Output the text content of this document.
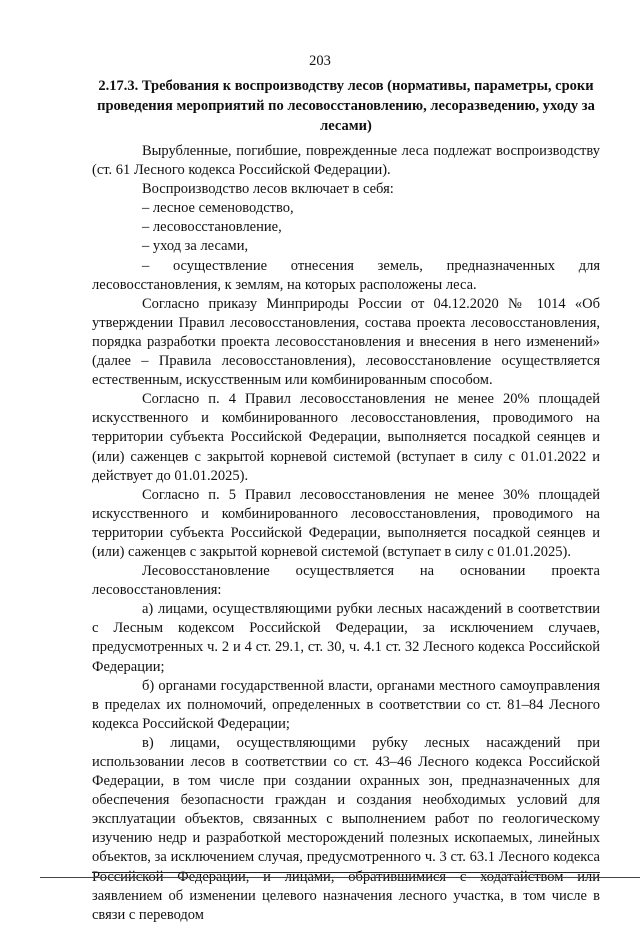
203
2.17.3. Требования к воспроизводству лесов (нормативы, параметры, сроки проведения мероприятий по лесовосстановлению, лесоразведению, уходу за лесами)

Вырубленные, погибшие, поврежденные леса подлежат воспроизводству (ст. 61 Лесного кодекса Российской Федерации).

Воспроизводство лесов включает в себя:

– лесное семеноводство,

– лесовосстановление,

– уход за лесами,

– осуществление отнесения земель, предназначенных для лесовосстановления, к землям, на которых расположены леса.

Согласно приказу Минприроды России от 04.12.2020 № 1014 «Об утверждении Правил лесовосстановления, состава проекта лесовосстановления, порядка разработки проекта лесовосстановления и внесения в него изменений» (далее – Правила лесовосстановления), лесовосстановление осуществляется естественным, искусственным или комбинированным способом.

Согласно п. 4 Правил лесовосстановления не менее 20% площадей искусственного и комбинированного лесовосстановления, проводимого на территории субъекта Российской Федерации, выполняется посадкой сеянцев и (или) саженцев с закрытой корневой системой (вступает в силу с 01.01.2022 и действует до 01.01.2025).

Согласно п. 5 Правил лесовосстановления не менее 30% площадей искусственного и комбинированного лесовосстановления, проводимого на территории субъекта Российской Федерации, выполняется посадкой сеянцев и (или) саженцев с закрытой корневой системой (вступает в силу с 01.01.2025).

Лесовосстановление осуществляется на основании проекта лесовосстановления:

а) лицами, осуществляющими рубки лесных насаждений в соответствии с Лесным кодексом Российской Федерации, за исключением случаев, предусмотренных ч. 2 и 4 ст. 29.1, ст. 30, ч. 4.1 ст. 32 Лесного кодекса Российской Федерации;

б) органами государственной власти, органами местного самоуправления в пределах их полномочий, определенных в соответствии со ст. 81–84 Лесного кодекса Российской Федерации;

в) лицами, осуществляющими рубку лесных насаждений при использовании лесов в соответствии со ст. 43–46 Лесного кодекса Российской Федерации, в том числе при создании охранных зон, предназначенных для обеспечения безопасности граждан и создания необходимых условий для эксплуатации объектов, связанных с выполнением работ по геологическому изучению недр и разработкой месторождений полезных ископаемых, линейных объектов, за исключением случая, предусмотренного ч. 3 ст. 63.1 Лесного кодекса Российской Федерации, и лицами, обратившимися с ходатайством или заявлением об изменении целевого назначения лесного участка, в том числе в связи с переводом
